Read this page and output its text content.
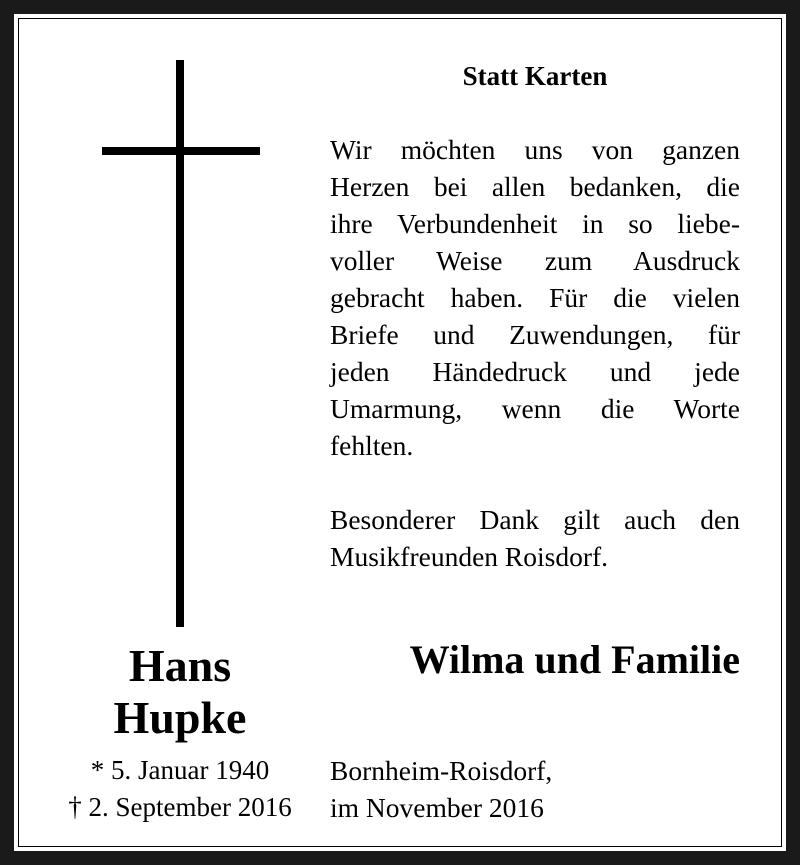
Statt Karten
Wir möchten uns von ganzen
Herzen bei allen bedanken, die
ihre Verbundenheit in so liebe-
voller Weise zum Ausdruck
gebracht haben. Für die vielen
Briefe und Zuwendungen, für
jeden Händedruck und jede
Umarmung, wenn die Worte
fehlten.
Besonderer Dank gilt auch den
Musikfreunden Roisdorf.
Wilma und Familie
Hans
Hupke
* 5. Januar 1940
† 2. September 2016
Bornheim-Roisdorf,
im November 2016
